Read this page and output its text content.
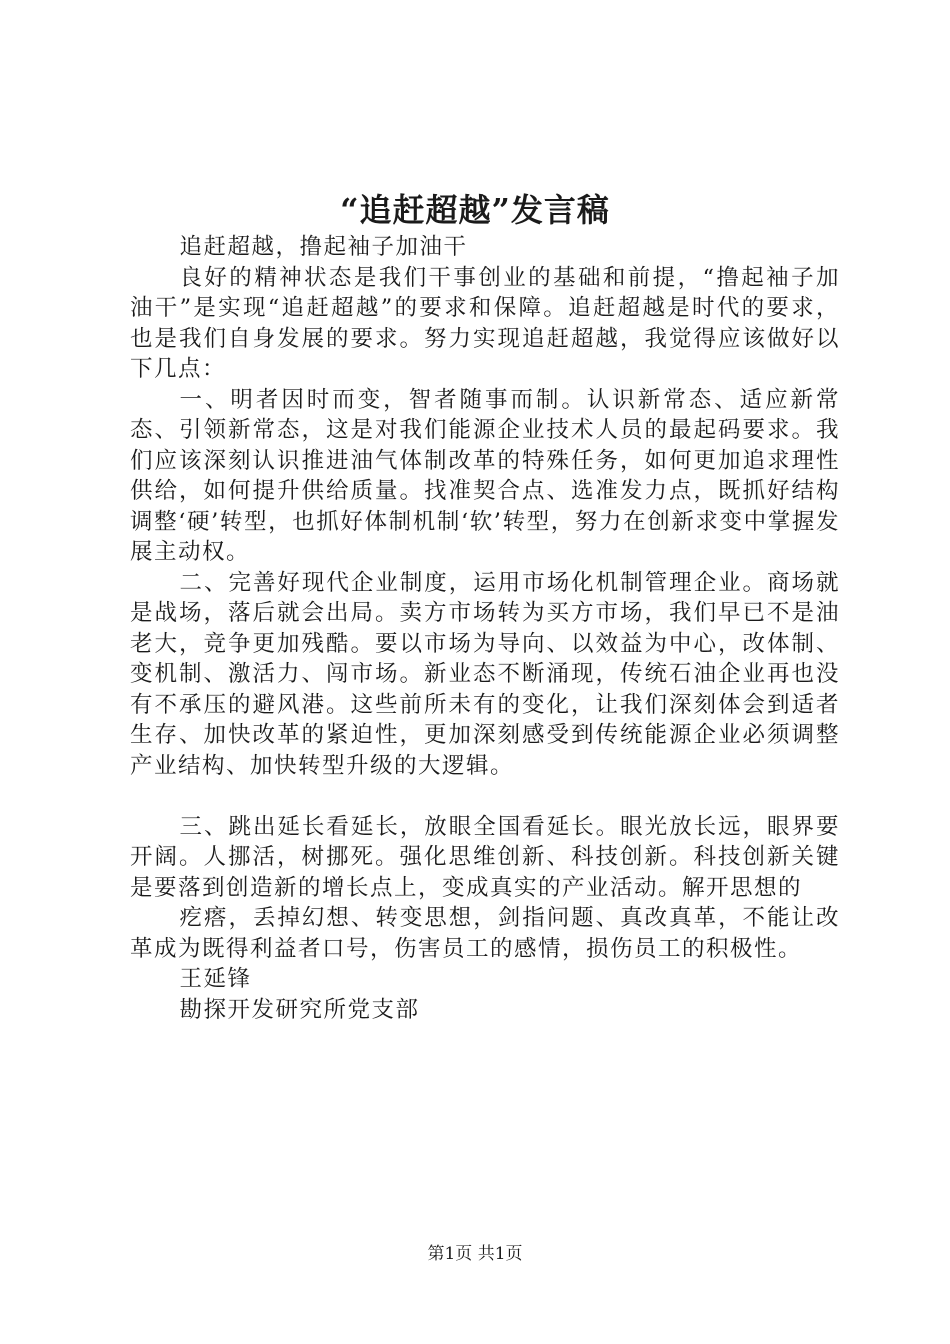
“追赶超越”发言稿

追赶超越，撸起袖子加油干

良好的精神状态是我们干事创业的基础和前提，“撸起袖子加油干”是实现“追赶超越”的要求和保障。追赶超越是时代的要求，也是我们自身发展的要求。努力实现追赶超越，我觉得应该做好以下几点：

一、明者因时而变，智者随事而制。认识新常态、适应新常态、引领新常态，这是对我们能源企业技术人员的最起码要求。我们应该深刻认识推进油气体制改革的特殊任务，如何更加追求理性供给，如何提升供给质量。找准契合点、选准发力点，既抓好结构调整‘硬’转型，也抓好体制机制‘软’转型，努力在创新求变中掌握发展主动权。

二、完善好现代企业制度，运用市场化机制管理企业。商场就是战场，落后就会出局。卖方市场转为买方市场，我们早已不是油老大，竞争更加残酷。要以市场为导向、以效益为中心，改体制、变机制、激活力、闯市场。新业态不断涌现，传统石油企业再也没有不承压的避风港。这些前所未有的变化，让我们深刻体会到适者生存、加快改革的紧迫性，更加深刻感受到传统能源企业必须调整产业结构、加快转型升级的大逻辑。

三、跳出延长看延长，放眼全国看延长。眼光放长远，眼界要开阔。人挪活，树挪死。强化思维创新、科技创新。科技创新关键是要落到创造新的增长点上，变成真实的产业活动。解开思想的

疙瘩，丢掉幻想、转变思想，剑指问题、真改真革，不能让改革成为既得利益者口号，伤害员工的感情，损伤员工的积极性。

王延锋

勘探开发研究所党支部

第1页 共1页
